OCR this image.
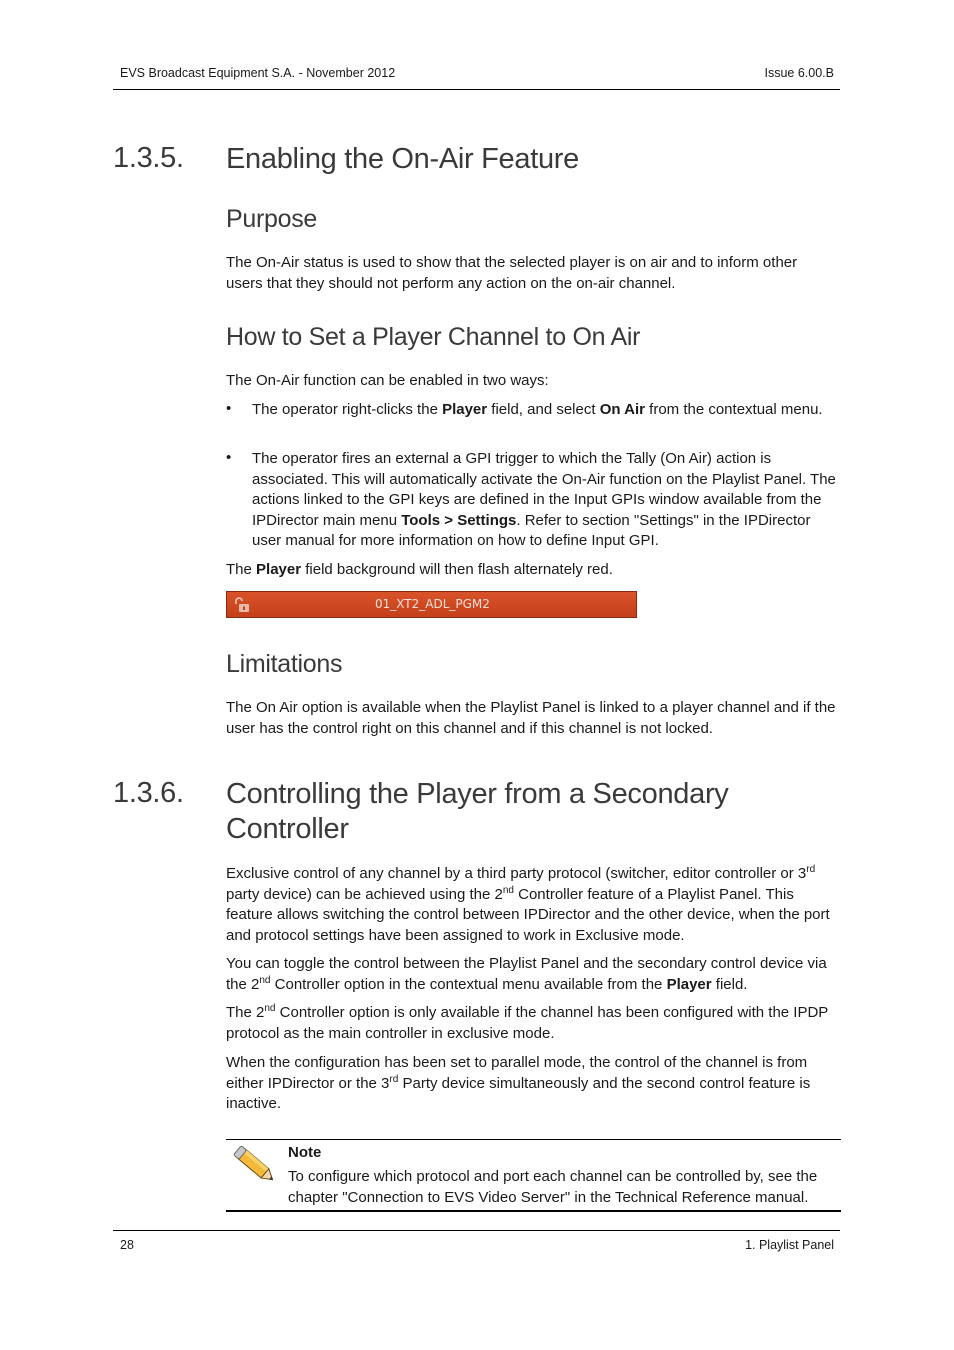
EVS Broadcast Equipment S.A. - November 2012	Issue 6.00.B
1.3.5. Enabling the On-Air Feature
Purpose
The On-Air status is used to show that the selected player is on air and to inform other users that they should not perform any action on the on-air channel.
How to Set a Player Channel to On Air
The On-Air function can be enabled in two ways:
• The operator right-clicks the Player field, and select On Air from the contextual menu.
• The operator fires an external a GPI trigger to which the Tally (On Air) action is associated. This will automatically activate the On-Air function on the Playlist Panel. The actions linked to the GPI keys are defined in the Input GPIs window available from the IPDirector main menu Tools > Settings. Refer to section "Settings" in the IPDirector user manual for more information on how to define Input GPI.
The Player field background will then flash alternately red.
01_XT2_ADL_PGM2
Limitations
The On Air option is available when the Playlist Panel is linked to a player channel and if the user has the control right on this channel and if this channel is not locked.
1.3.6. Controlling the Player from a Secondary Controller
Exclusive control of any channel by a third party protocol (switcher, editor controller or 3rd party device) can be achieved using the 2nd Controller feature of a Playlist Panel. This feature allows switching the control between IPDirector and the other device, when the port and protocol settings have been assigned to work in Exclusive mode.
You can toggle the control between the Playlist Panel and the secondary control device via the 2nd Controller option in the contextual menu available from the Player field.
The 2nd Controller option is only available if the channel has been configured with the IPDP protocol as the main controller in exclusive mode.
When the configuration has been set to parallel mode, the control of the channel is from either IPDirector or the 3rd Party device simultaneously and the second control feature is inactive.
Note
To configure which protocol and port each channel can be controlled by, see the chapter "Connection to EVS Video Server" in the Technical Reference manual.
28	1. Playlist Panel
